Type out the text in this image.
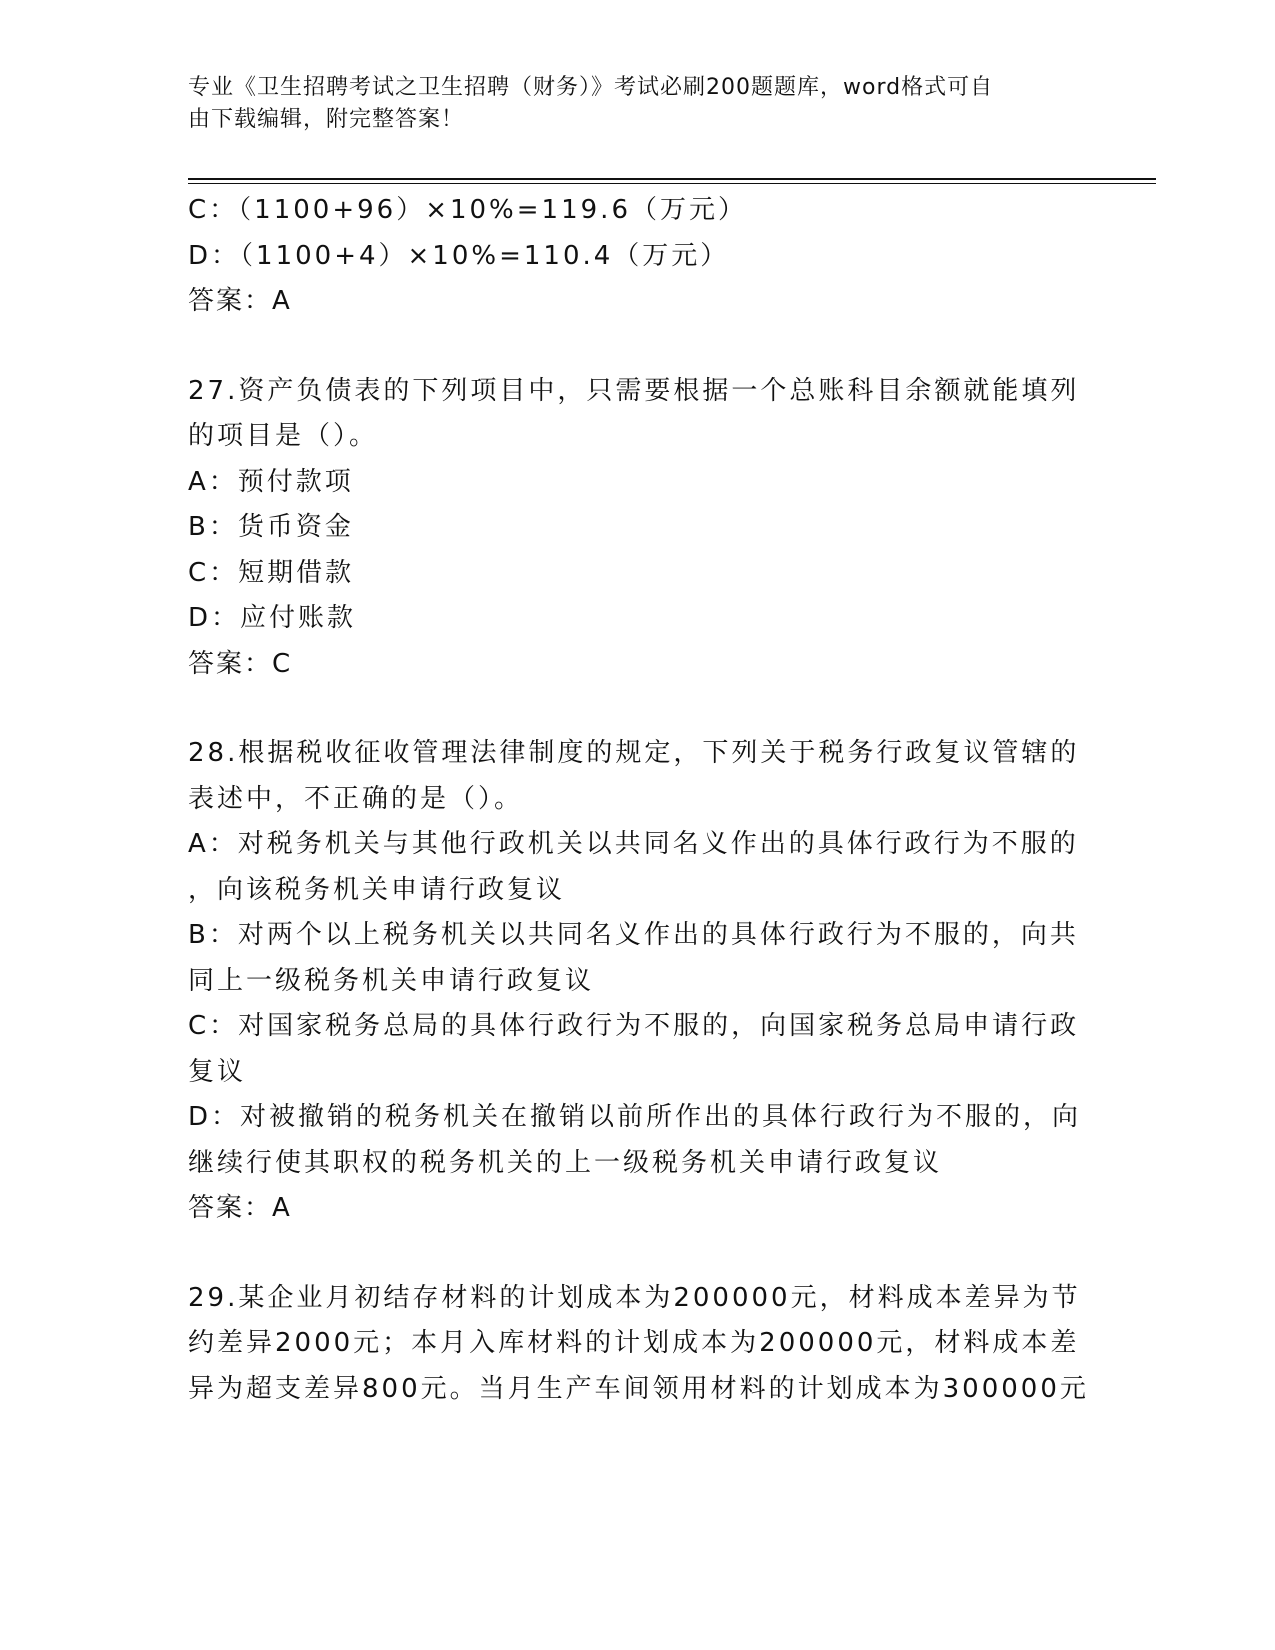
专业《卫生招聘考试之卫生招聘（财务）》考试必刷200题题库，word格式可自
由下载编辑，附完整答案！
C：（1100+96）×10%=119.6（万元）
D：（1100+4）×10%=110.4（万元）
答案：A
27.资产负债表的下列项目中，只需要根据一个总账科目余额就能填列
的项目是（）。
A：预付款项
B：货币资金
C：短期借款
D：应付账款
答案：C
28.根据税收征收管理法律制度的规定，下列关于税务行政复议管辖的
表述中，不正确的是（）。
A：对税务机关与其他行政机关以共同名义作出的具体行政行为不服的
，向该税务机关申请行政复议
B：对两个以上税务机关以共同名义作出的具体行政行为不服的，向共
同上一级税务机关申请行政复议
C：对国家税务总局的具体行政行为不服的，向国家税务总局申请行政
复议
D：对被撤销的税务机关在撤销以前所作出的具体行政行为不服的，向
继续行使其职权的税务机关的上一级税务机关申请行政复议
答案：A
29.某企业月初结存材料的计划成本为200000元，材料成本差异为节
约差异2000元；本月入库材料的计划成本为200000元，材料成本差
异为超支差异800元。当月生产车间领用材料的计划成本为300000元
